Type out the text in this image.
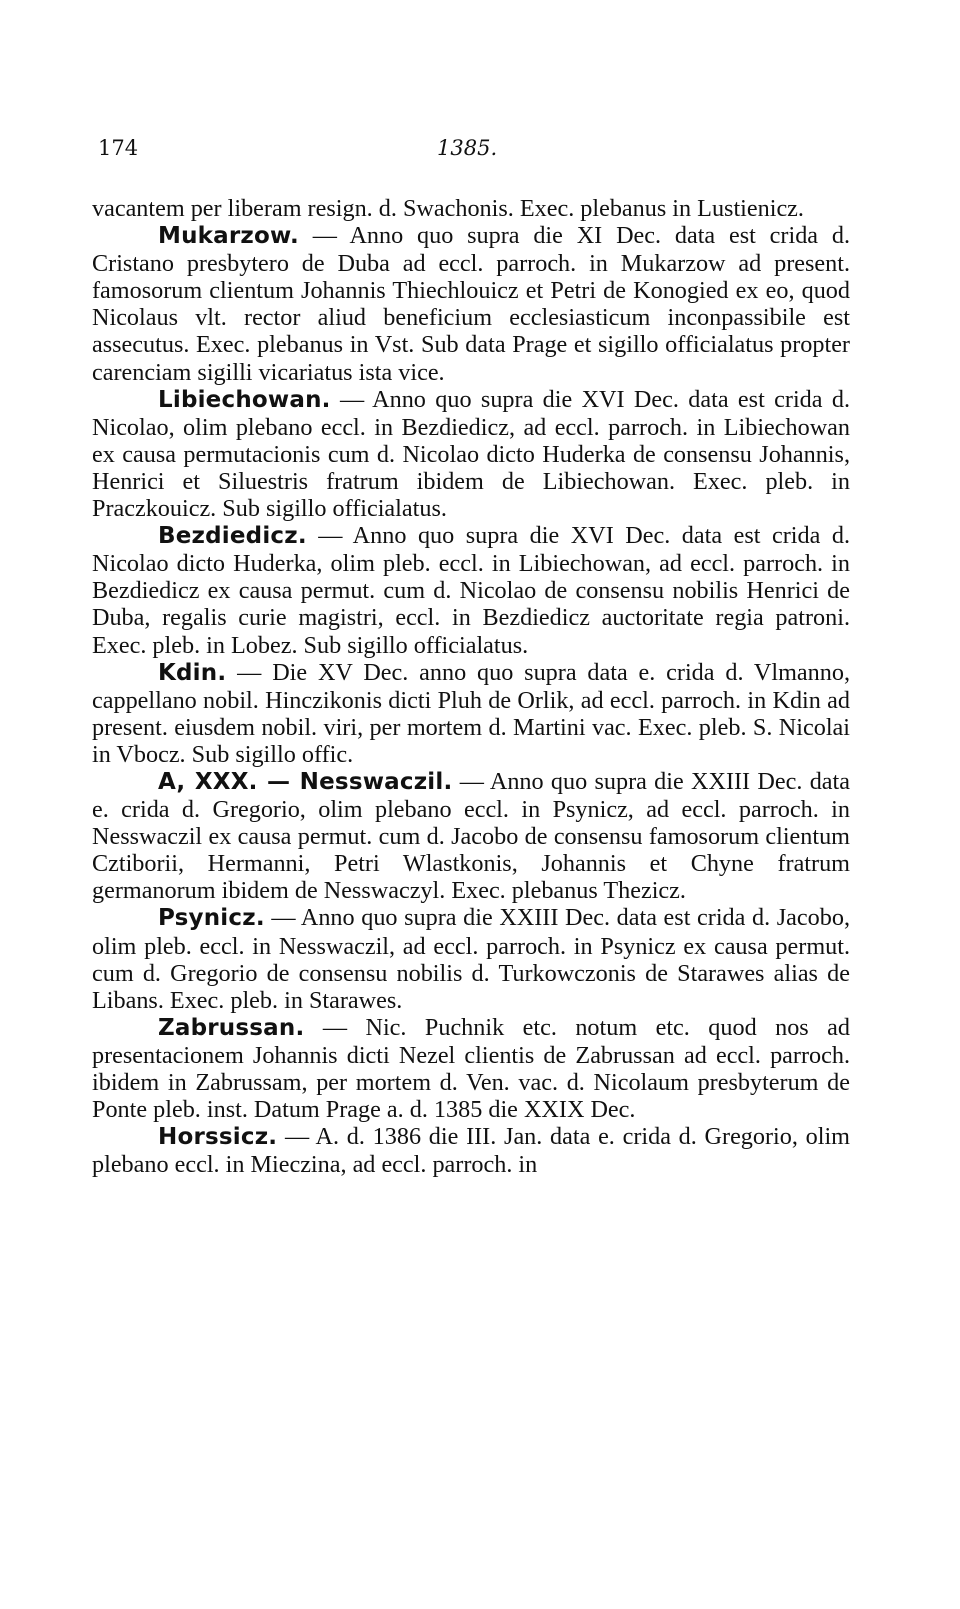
174	1385.

vacantem per liberam resign. d. Swachonis. Exec. plebanus in Lustienicz.

Mukarzow. — Anno quo supra die XI Dec. data est crida d. Cristano presbytero de Duba ad eccl. parroch. in Mukarzow ad present. famosorum clientum Johannis Thiechlouicz et Petri de Konogied ex eo, quod Nicolaus vlt. rector aliud beneficium ecclesiasticum inconpassibile est assecutus. Exec. plebanus in Vst. Sub data Prage et sigillo officialatus propter carenciam sigilli vicariatus ista vice.

Libiechowan. — Anno quo supra die XVI Dec. data est crida d. Nicolao, olim plebano eccl. in Bezdiedicz, ad eccl. parroch. in Libiechowan ex causa permutacionis cum d. Nicolao dicto Huderka de consensu Johannis, Henrici et Siluestris fratrum ibidem de Libiechowan. Exec. pleb. in Praczkouicz. Sub sigillo officialatus.

Bezdiedicz. — Anno quo supra die XVI Dec. data est crida d. Nicolao dicto Huderka, olim pleb. eccl. in Libiechowan, ad eccl. parroch. in Bezdiedicz ex causa permut. cum d. Nicolao de consensu nobilis Henrici de Duba, regalis curie magistri, eccl. in Bezdiedicz auctoritate regia patroni. Exec. pleb. in Lobez. Sub sigillo officialatus.

Kdin. — Die XV Dec. anno quo supra data e. crida d. Vlmanno, cappellano nobil. Hinczikonis dicti Pluh de Orlik, ad eccl. parroch. in Kdin ad present. eiusdem nobil. viri, per mortem d. Martini vac. Exec. pleb. S. Nicolai in Vbocz. Sub sigillo offic.

A, XXX. — Nesswaczil. — Anno quo supra die XXIII Dec. data e. crida d. Gregorio, olim plebano eccl. in Psynicz, ad eccl. parroch. in Nesswaczil ex causa permut. cum d. Jacobo de consensu famosorum clientum Cztiborii, Hermanni, Petri Wlastkonis, Johannis et Chyne fratrum germanorum ibidem de Nesswaczyl. Exec. plebanus Thezicz.

Psynicz. — Anno quo supra die XXIII Dec. data est crida d. Jacobo, olim pleb. eccl. in Nesswaczil, ad eccl. parroch. in Psynicz ex causa permut. cum d. Gregorio de consensu nobilis d. Turkowczonis de Starawes alias de Libans. Exec. pleb. in Starawes.

Zabrussan. — Nic. Puchnik etc. notum etc. quod nos ad presentacionem Johannis dicti Nezel clientis de Zabrussan ad eccl. parroch. ibidem in Zabrussam, per mortem d. Ven. vac. d. Nicolaum presbyterum de Ponte pleb. inst. Datum Prage a. d. 1385 die XXIX Dec.

Horssicz. — A. d. 1386 die III. Jan. data e. crida d. Gregorio, olim plebano eccl. in Mieczina, ad eccl. parroch. in
